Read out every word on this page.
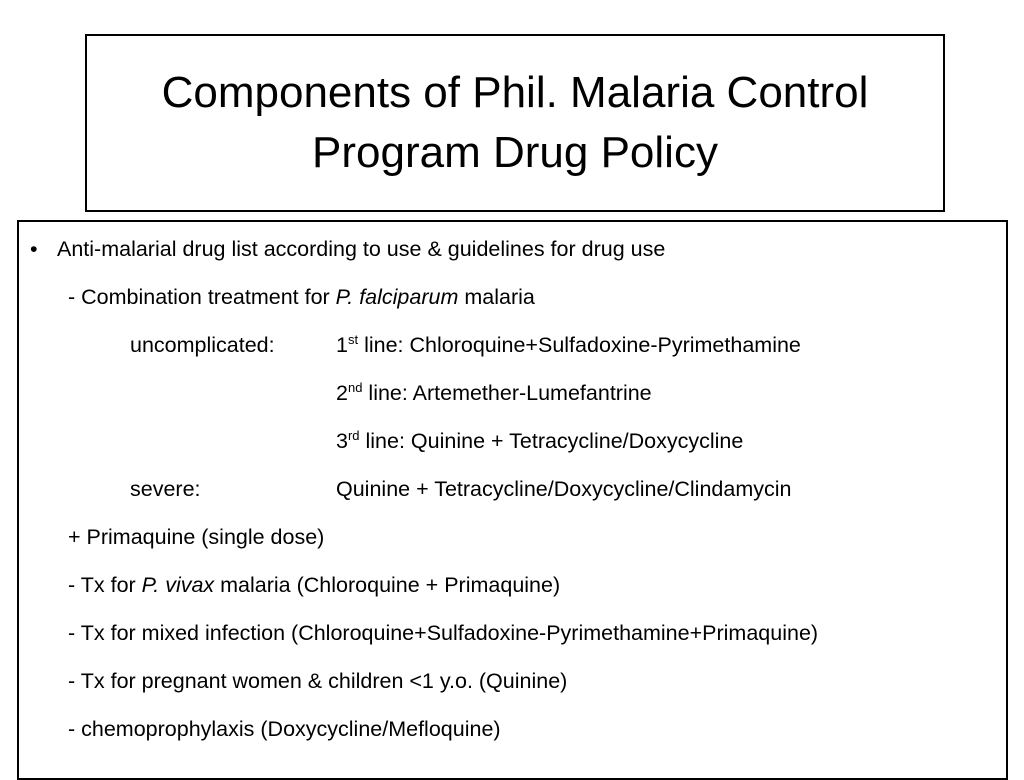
Components of Phil. Malaria Control
Program Drug Policy
• Anti-malarial drug list according to use & guidelines for drug use
- Combination treatment for P. falciparum malaria
uncomplicated:	1st line: Chloroquine+Sulfadoxine-Pyrimethamine
2nd line: Artemether-Lumefantrine
3rd line: Quinine + Tetracycline/Doxycycline
severe:	Quinine + Tetracycline/Doxycycline/Clindamycin
+ Primaquine (single dose)
- Tx for P. vivax malaria (Chloroquine + Primaquine)
- Tx for mixed infection (Chloroquine+Sulfadoxine-Pyrimethamine+Primaquine)
- Tx for pregnant women & children <1 y.o. (Quinine)
- chemoprophylaxis (Doxycycline/Mefloquine)
